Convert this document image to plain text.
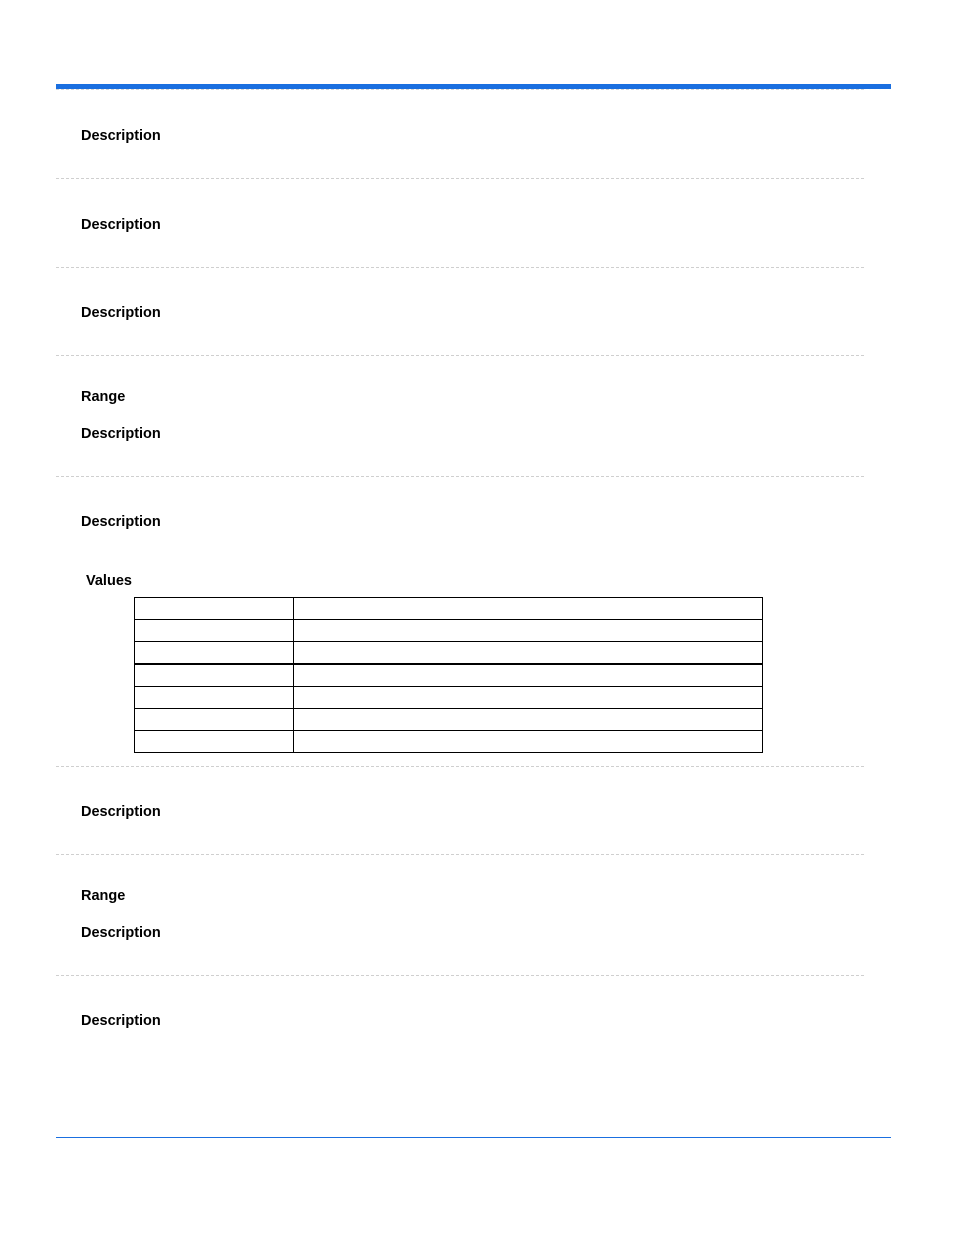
Description
Description
Description
Range
Description
Description
Values

Description
Range
Description
Description
